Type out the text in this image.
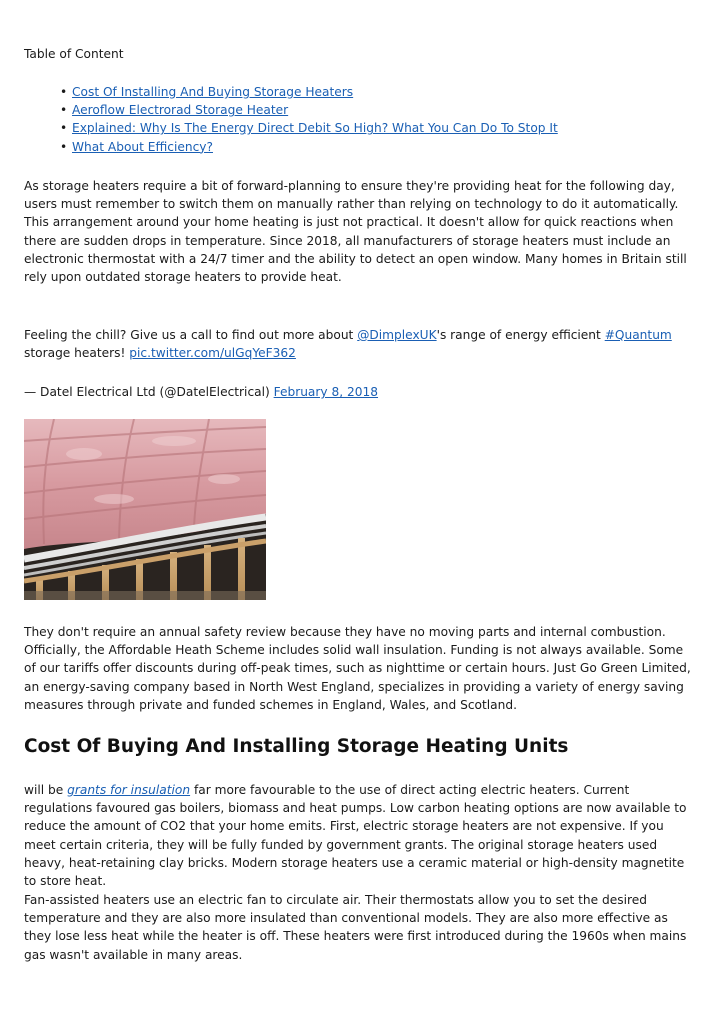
Table of Content

• Cost Of Installing And Buying Storage Heaters
• Aeroflow Electrorad Storage Heater
• Explained: Why Is The Energy Direct Debit So High? What You Can Do To Stop It
• What About Efficiency?

As storage heaters require a bit of forward-planning to ensure they're providing heat for the following day, users must remember to switch them on manually rather than relying on technology to do it automatically. This arrangement around your home heating is just not practical. It doesn't allow for quick reactions when there are sudden drops in temperature. Since 2018, all manufacturers of storage heaters must include an electronic thermostat with a 24/7 timer and the ability to detect an open window. Many homes in Britain still rely upon outdated storage heaters to provide heat.

Feeling the chill? Give us a call to find out more about @DimplexUK's range of energy efficient #Quantum storage heaters! pic.twitter.com/ulGqYeF362

— Datel Electrical Ltd (@DatelElectrical) February 8, 2018

They don't require an annual safety review because they have no moving parts and internal combustion. Officially, the Affordable Heath Scheme includes solid wall insulation. Funding is not always available. Some of our tariffs offer discounts during off-peak times, such as nighttime or certain hours. Just Go Green Limited, an energy-saving company based in North West England, specializes in providing a variety of energy saving measures through private and funded schemes in England, Wales, and Scotland.

Cost Of Buying And Installing Storage Heating Units

will be grants for insulation far more favourable to the use of direct acting electric heaters. Current regulations favoured gas boilers, biomass and heat pumps. Low carbon heating options are now available to reduce the amount of CO2 that your home emits. First, electric storage heaters are not expensive. If you meet certain criteria, they will be fully funded by government grants. The original storage heaters used heavy, heat-retaining clay bricks. Modern storage heaters use a ceramic material or high-density magnetite to store heat.

Fan-assisted heaters use an electric fan to circulate air. Their thermostats allow you to set the desired temperature and they are also more insulated than conventional models. They are also more effective as they lose less heat while the heater is off. These heaters were first introduced during the 1960s when mains gas wasn't available in many areas.
